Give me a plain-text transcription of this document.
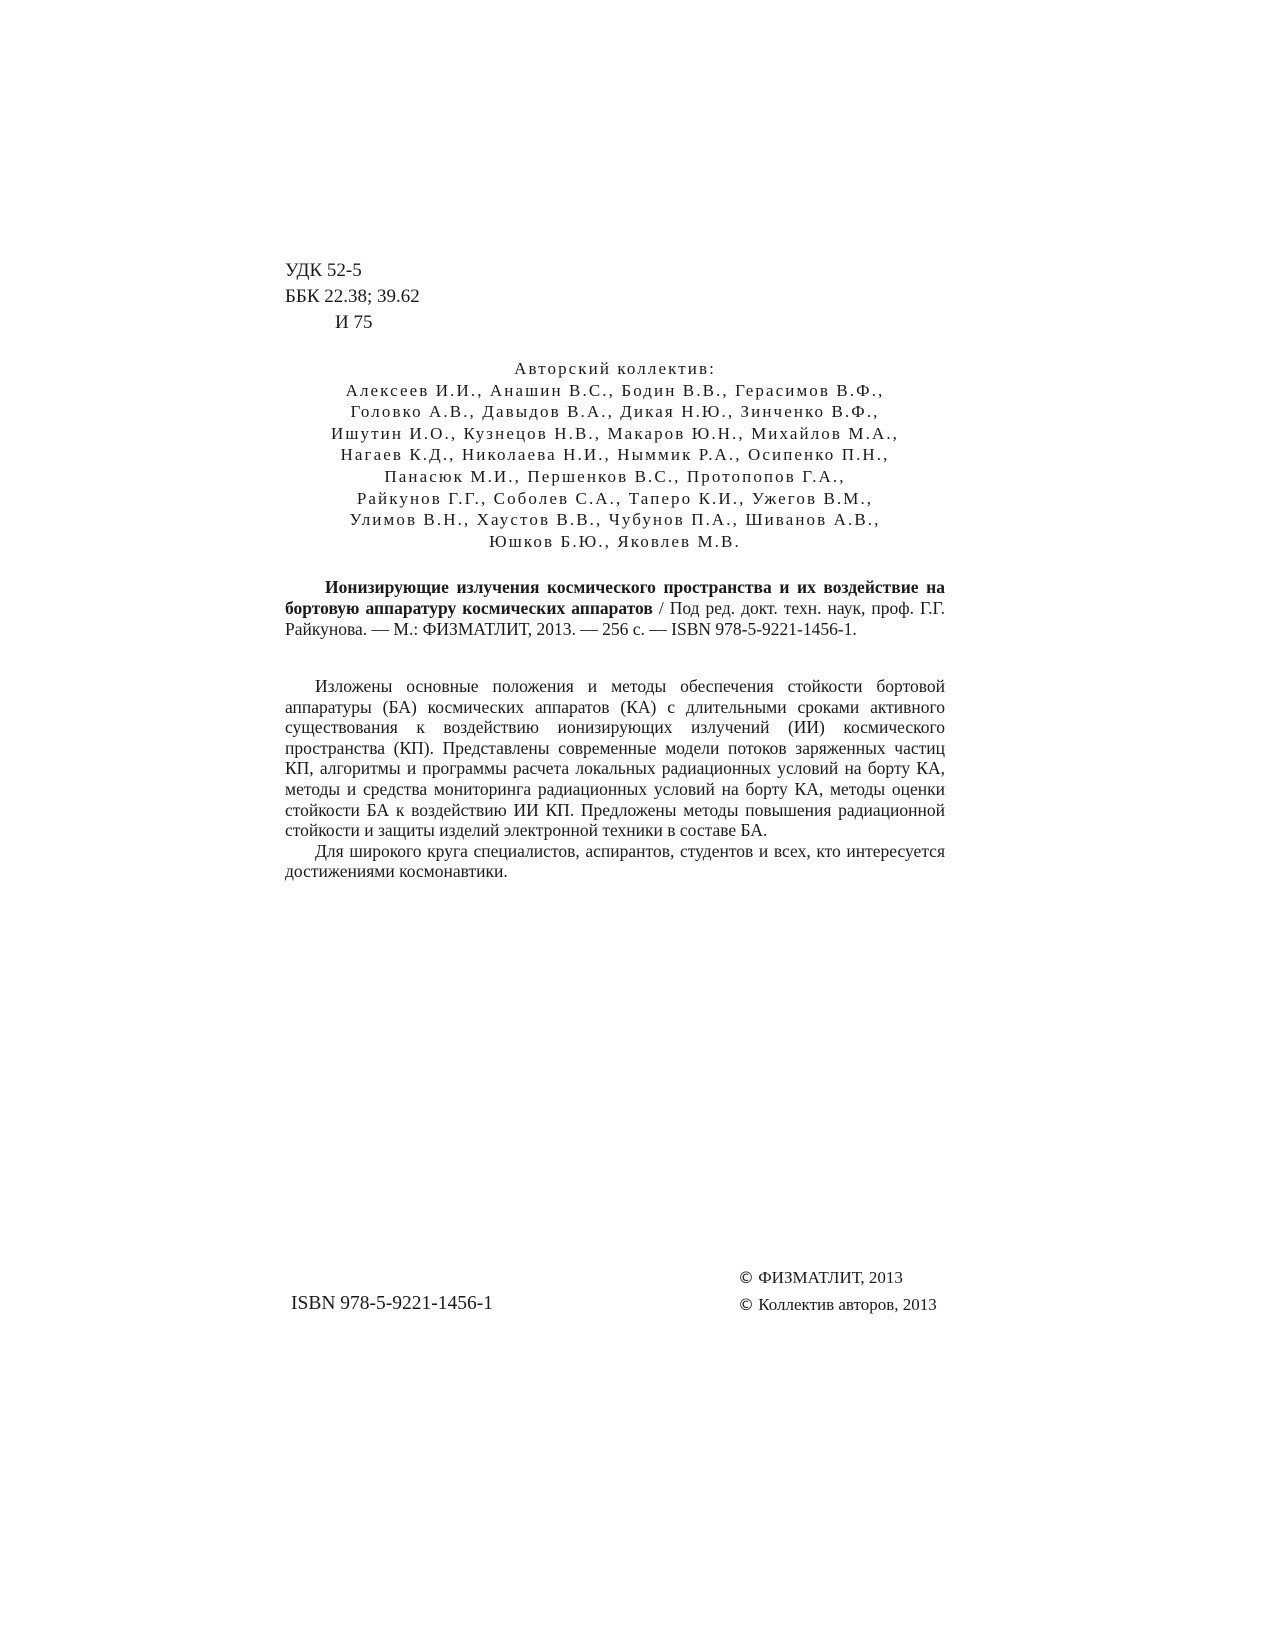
УДК 52-5
ББК 22.38; 39.62
И 75
Авторский коллектив:
Алексеев И.И., Анашин В.С., Бодин В.В., Герасимов В.Ф.,
Головко А.В., Давыдов В.А., Дикая Н.Ю., Зинченко В.Ф.,
Ишутин И.О., Кузнецов Н.В., Макаров Ю.Н., Михайлов М.А.,
Нагаев К.Д., Николаева Н.И., Ныммик Р.А., Осипенко П.Н.,
Панасюк М.И., Першенков В.С., Протопопов Г.А.,
Райкунов Г.Г., Соболев С.А., Таперо К.И., Ужегов В.М.,
Улимов В.Н., Хаустов В.В., Чубунов П.А., Шиванов А.В.,
Юшков Б.Ю., Яковлев М.В.
Ионизирующие излучения космического пространства и их воздействие на бортовую аппаратуру космических аппаратов / Под ред. докт. техн. наук, проф. Г.Г. Райкунова. — М.: ФИЗМАТЛИТ, 2013. — 256 с. — ISBN 978-5-9221-1456-1.

Изложены основные положения и методы обеспечения стойкости бортовой аппаратуры (БА) космических аппаратов (КА) с длительными сроками активного существования к воздействию ионизирующих излучений (ИИ) космического пространства (КП). Представлены современные модели потоков заряженных частиц КП, алгоритмы и программы расчета локальных радиационных условий на борту КА, методы и средства мониторинга радиационных условий на борту КА, методы оценки стойкости БА к воздействию ИИ КП. Предложены методы повышения радиационной стойкости и защиты изделий электронной техники в составе БА.

Для широкого круга специалистов, аспирантов, студентов и всех, кто интересуется достижениями космонавтики.

ISBN 978-5-9221-1456-1
© ФИЗМАТЛИТ, 2013
© Коллектив авторов, 2013
